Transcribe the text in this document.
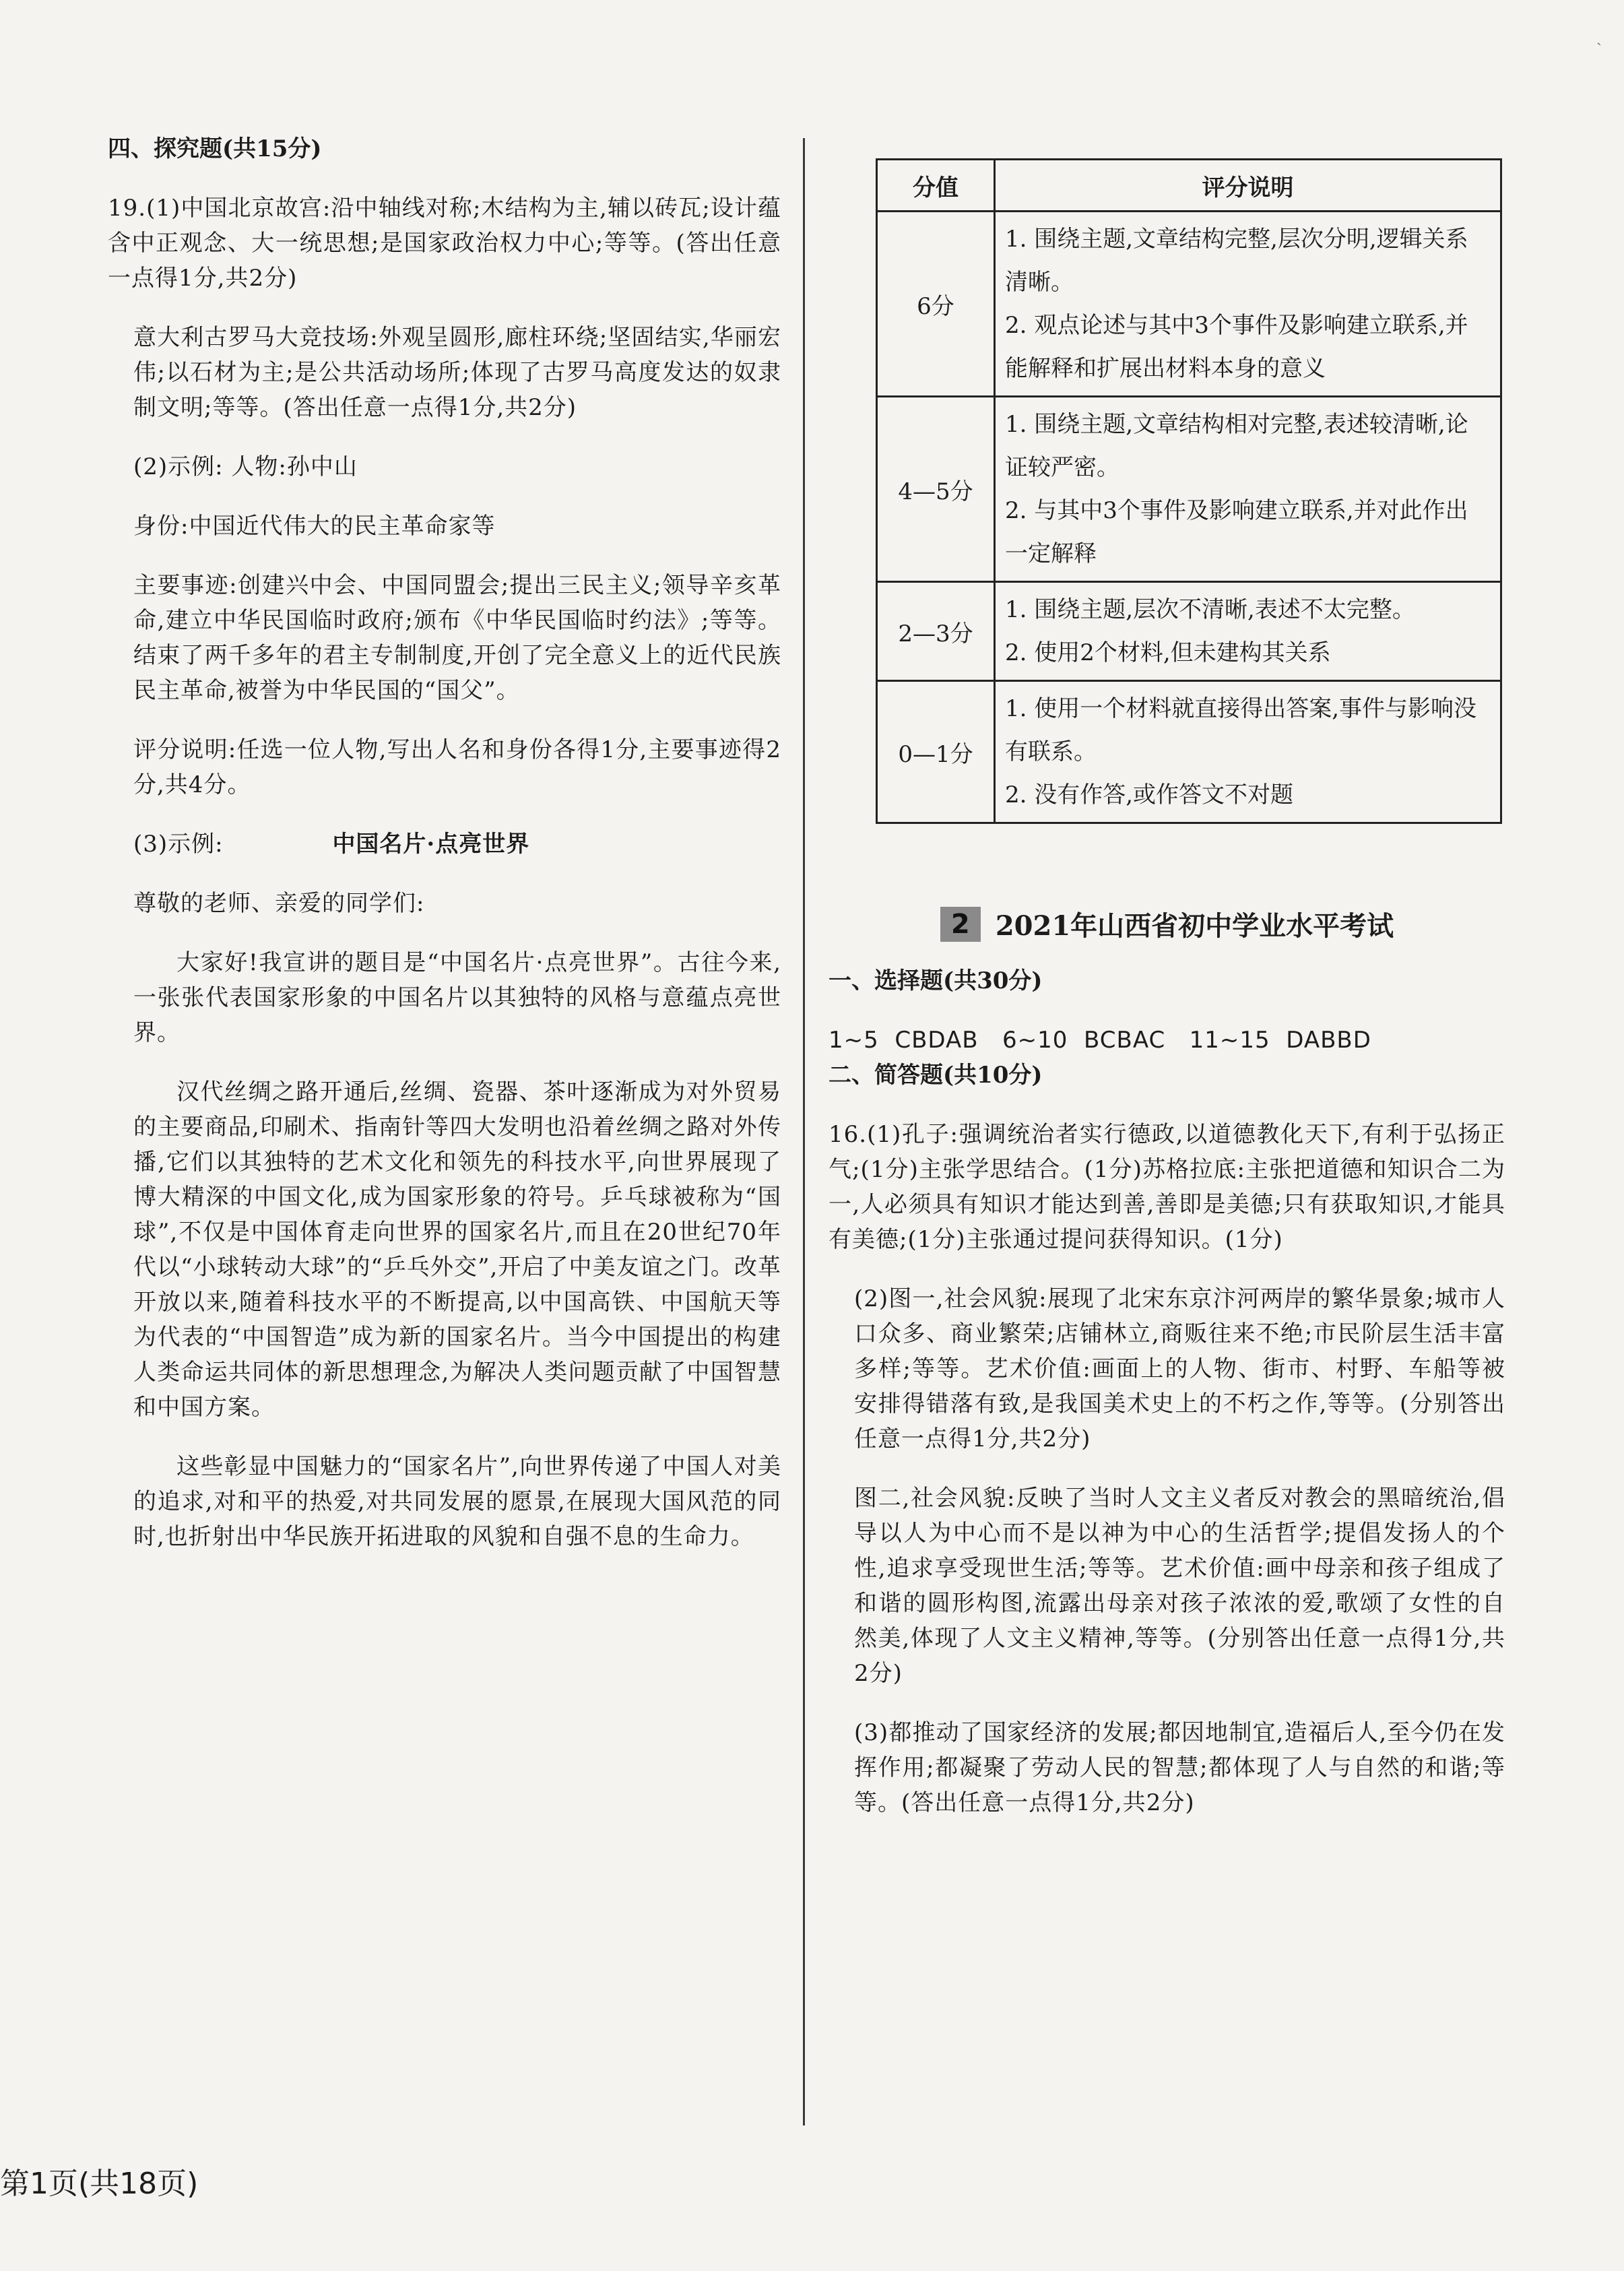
ˎ

四、探究题(共15分)

19.(1)中国北京故宫:沿中轴线对称;木结构为主,辅以砖瓦;设计蕴含中正观念、大一统思想;是国家政治权力中心;等等。(答出任意一点得1分,共2分)

意大利古罗马大竞技场:外观呈圆形,廊柱环绕;坚固结实,华丽宏伟;以石材为主;是公共活动场所;体现了古罗马高度发达的奴隶制文明;等等。(答出任意一点得1分,共2分)

(2)示例: 人物:孙中山

身份:中国近代伟大的民主革命家等

主要事迹:创建兴中会、中国同盟会;提出三民主义;领导辛亥革命,建立中华民国临时政府;颁布《中华民国临时约法》;等等。结束了两千多年的君主专制制度,开创了完全意义上的近代民族民主革命,被誉为中华民国的“国父”。

评分说明:任选一位人物,写出人名和身份各得1分,主要事迹得2分,共4分。

(3)示例:	中国名片·点亮世界

尊敬的老师、亲爱的同学们:

大家好!我宣讲的题目是“中国名片·点亮世界”。古往今来,一张张代表国家形象的中国名片以其独特的风格与意蕴点亮世界。

汉代丝绸之路开通后,丝绸、瓷器、茶叶逐渐成为对外贸易的主要商品,印刷术、指南针等四大发明也沿着丝绸之路对外传播,它们以其独特的艺术文化和领先的科技水平,向世界展现了博大精深的中国文化,成为国家形象的符号。乒乓球被称为“国球”,不仅是中国体育走向世界的国家名片,而且在20世纪70年代以“小球转动大球”的“乒乓外交”,开启了中美友谊之门。改革开放以来,随着科技水平的不断提高,以中国高铁、中国航天等为代表的“中国智造”成为新的国家名片。当今中国提出的构建人类命运共同体的新思想理念,为解决人类问题贡献了中国智慧和中国方案。

这些彰显中国魅力的“国家名片”,向世界传递了中国人对美的追求,对和平的热爱,对共同发展的愿景,在展现大国风范的同时,也折射出中华民族开拓进取的风貌和自强不息的生命力。

分值	评分说明
6分	1. 围绕主题,文章结构完整,层次分明,逻辑关系清晰。
2. 观点论述与其中3个事件及影响建立联系,并能解释和扩展出材料本身的意义

4—5分	1. 围绕主题,文章结构相对完整,表述较清晰,论证较严密。
2. 与其中3个事件及影响建立联系,并对此作出一定解释

2—3分	1. 围绕主题,层次不清晰,表述不太完整。
2. 使用2个材料,但未建构其关系

0—1分	1. 使用一个材料就直接得出答案,事件与影响没有联系。
2. 没有作答,或作答文不对题
2 2021年山西省初中学业水平考试

一、选择题(共30分)

1~5  CBDAB   6~10  BCBAC   11~15  DABBD

二、简答题(共10分)

16.(1)孔子:强调统治者实行德政,以道德教化天下,有利于弘扬正气;(1分)主张学思结合。(1分)苏格拉底:主张把道德和知识合二为一,人必须具有知识才能达到善,善即是美德;只有获取知识,才能具有美德;(1分)主张通过提问获得知识。(1分)

(2)图一,社会风貌:展现了北宋东京汴河两岸的繁华景象;城市人口众多、商业繁荣;店铺林立,商贩往来不绝;市民阶层生活丰富多样;等等。艺术价值:画面上的人物、街市、村野、车船等被安排得错落有致,是我国美术史上的不朽之作,等等。(分别答出任意一点得1分,共2分)

图二,社会风貌:反映了当时人文主义者反对教会的黑暗统治,倡导以人为中心而不是以神为中心的生活哲学;提倡发扬人的个性,追求享受现世生活;等等。艺术价值:画中母亲和孩子组成了和谐的圆形构图,流露出母亲对孩子浓浓的爱,歌颂了女性的自然美,体现了人文主义精神,等等。(分别答出任意一点得1分,共2分)

(3)都推动了国家经济的发展;都因地制宜,造福后人,至今仍在发挥作用;都凝聚了劳动人民的智慧;都体现了人与自然的和谐;等等。(答出任意一点得1分,共2分)

第1页(共18页)
